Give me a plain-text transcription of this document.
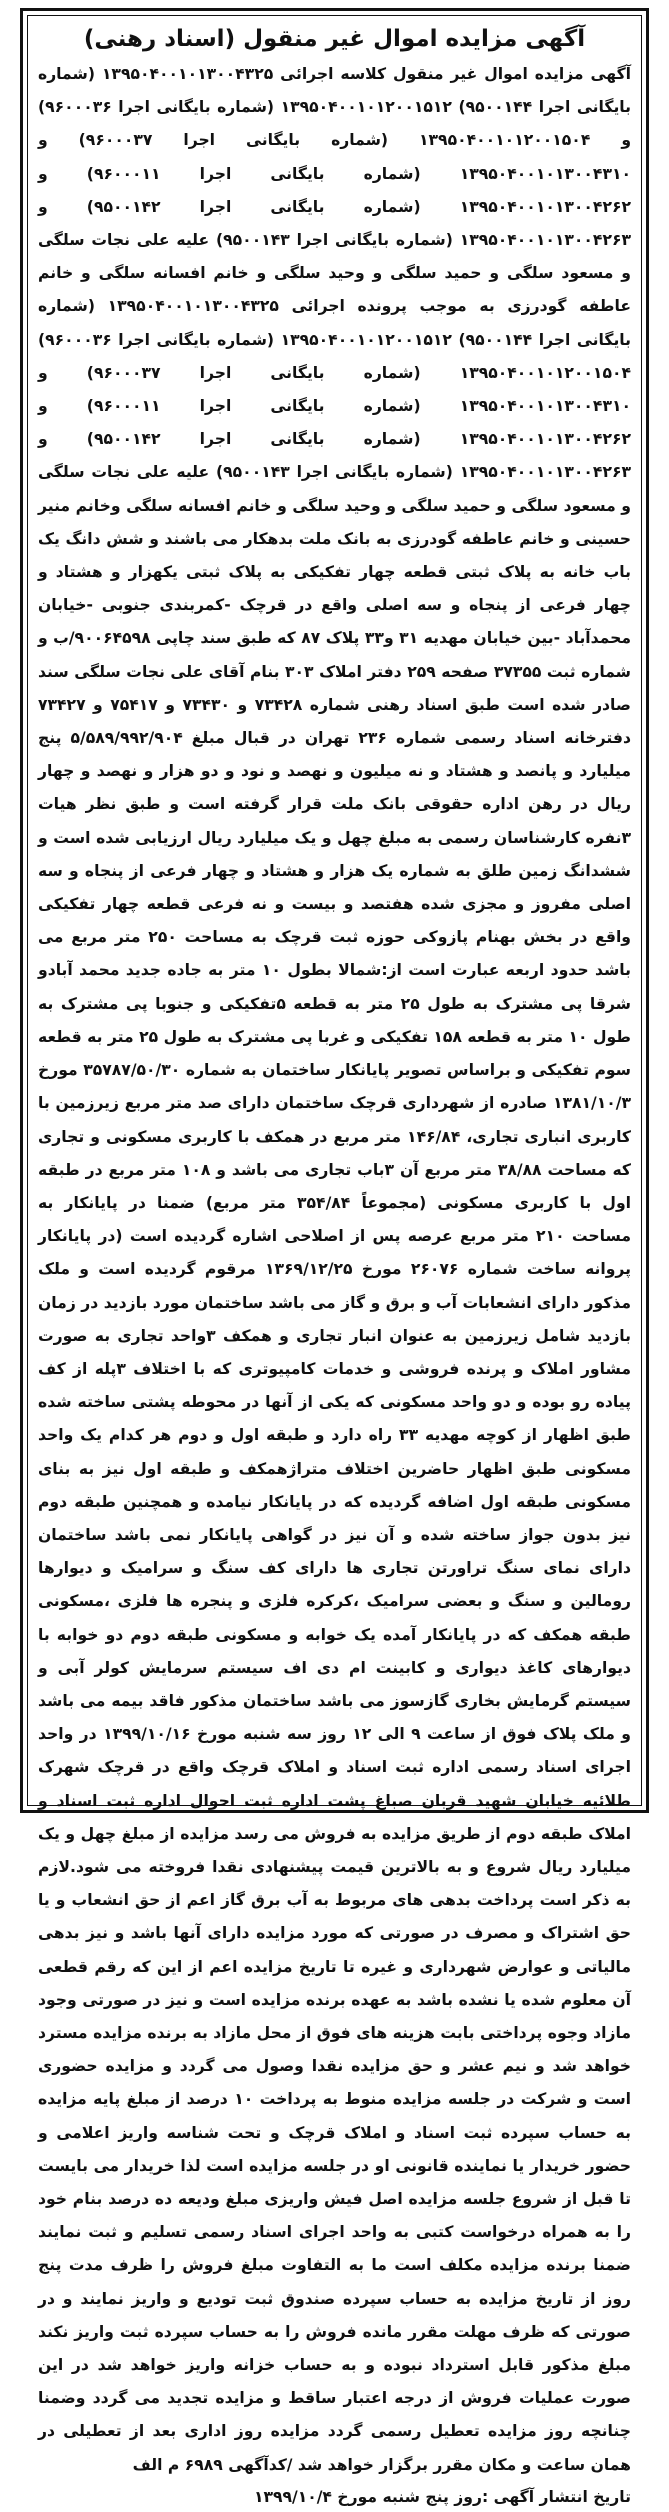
آگهی مزایده اموال غیر منقول (اسناد رهنی)
آگهی مزایده اموال غیر منقول کلاسه اجرائی ۱۳۹۵۰۴۰۰۱۰۱۳۰۰۴۳۲۵ (شماره بایگانی اجرا ۹۵۰۰۱۴۴) ۱۳۹۵۰۴۰۰۱۰۱۲۰۰۱۵۱۲ (شماره بایگانی اجرا ۹۶۰۰۰۳۶) و ۱۳۹۵۰۴۰۰۱۰۱۲۰۰۱۵۰۴ (شماره بایگانی اجرا ۹۶۰۰۰۳۷) و ۱۳۹۵۰۴۰۰۱۰۱۳۰۰۴۳۱۰ (شماره بایگانی اجرا ۹۶۰۰۰۱۱) و ۱۳۹۵۰۴۰۰۱۰۱۳۰۰۴۲۶۲ (شماره بایگانی اجرا ۹۵۰۰۱۴۲) و ۱۳۹۵۰۴۰۰۱۰۱۳۰۰۴۲۶۳ (شماره بایگانی اجرا ۹۵۰۰۱۴۳) علیه علی نجات سلگی و مسعود سلگی و حمید سلگی و وحید سلگی و خانم افسانه سلگی و خانم عاطفه گودرزی به موجب پرونده اجرائی ۱۳۹۵۰۴۰۰۱۰۱۳۰۰۴۳۲۵ (شماره بایگانی اجرا ۹۵۰۰۱۴۴) ۱۳۹۵۰۴۰۰۱۰۱۲۰۰۱۵۱۲ (شماره بایگانی اجرا ۹۶۰۰۰۳۶) ۱۳۹۵۰۴۰۰۱۰۱۲۰۰۱۵۰۴ (شماره بایگانی اجرا ۹۶۰۰۰۳۷) و ۱۳۹۵۰۴۰۰۱۰۱۳۰۰۴۳۱۰ (شماره بایگانی اجرا ۹۶۰۰۰۱۱) و ۱۳۹۵۰۴۰۰۱۰۱۳۰۰۴۲۶۲ (شماره بایگانی اجرا ۹۵۰۰۱۴۲) و ۱۳۹۵۰۴۰۰۱۰۱۳۰۰۴۲۶۳ (شماره بایگانی اجرا ۹۵۰۰۱۴۳) علیه علی نجات سلگی و مسعود سلگی و حمید سلگی و وحید سلگی و خانم افسانه سلگی وخانم منیر حسینی و خانم عاطفه گودرزی به بانک ملت بدهکار می باشند و شش دانگ یک باب خانه به پلاک ثبتی قطعه چهار تفکیکی به پلاک ثبتی یکهزار و هشتاد و چهار فرعی از پنجاه و سه اصلی واقع در قرچک -کمربندی جنوبی -خیابان محمدآباد -بین خیابان مهدیه ۳۱ و۳۳ پلاک ۸۷ که طبق سند چاپی ۹۰۰۶۴۵۹۸/ب و شماره ثبت ۳۷۳۵۵ صفحه ۲۵۹ دفتر املاک ۳۰۳ بنام آقای علی نجات سلگی سند صادر شده است طبق اسناد رهنی شماره ۷۳۴۲۸ و ۷۳۴۳۰ و ۷۵۴۱۷ و ۷۳۴۲۷ دفترخانه اسناد رسمی شماره ۲۳۶ تهران در قبال مبلغ ۵/۵۸۹/۹۹۲/۹۰۴ پنج میلیارد و پانصد و هشتاد و نه میلیون و نهصد و نود و دو هزار و نهصد و چهار ریال در رهن اداره حقوقی بانک ملت قرار گرفته است و طبق نظر هیات ۳نفره کارشناسان رسمی به مبلغ چهل و یک میلیارد ریال ارزیابی شده است و ششدانگ زمین طلق به شماره یک هزار و هشتاد و چهار فرعی از پنجاه و سه اصلی مفروز و مجزی شده هفتصد و بیست و نه فرعی قطعه چهار تفکیکی واقع در بخش بهنام پازوکی حوزه ثبت قرچک به مساحت ۲۵۰ متر مربع می باشد حدود اربعه عبارت است از:شمالا بطول ۱۰ متر به جاده جدید محمد آبادو شرقا پی مشترک به طول ۲۵ متر به قطعه ۵تفکیکی و جنوبا پی مشترک به طول ۱۰ متر به قطعه ۱۵۸ تفکیکی و غربا پی مشترک به طول ۲۵ متر به قطعه سوم تفکیکی و براساس تصویر پایانکار ساختمان به شماره ۳۵۷۸۷/۵۰/۳۰ مورخ ۱۳۸۱/۱۰/۳ صادره از شهرداری قرچک ساختمان دارای صد متر مربع زیرزمین با کاربری انباری تجاری، ۱۴۶/۸۴ متر مربع در همکف با کاربری مسکونی و تجاری که مساحت ۳۸/۸۸ متر مربع آن ۳باب تجاری می باشد و ۱۰۸ متر مربع در طبقه اول با کاربری مسکونی (مجموعاً ۳۵۴/۸۴ متر مربع) ضمنا در پایانکار به مساحت ۲۱۰ متر مربع عرصه پس از اصلاحی اشاره گردیده است (در پایانکار پروانه ساخت شماره ۲۶۰۷۶ مورخ ۱۳۶۹/۱۲/۲۵ مرقوم گردیده است و ملک مذکور دارای انشعابات آب و برق و گاز می باشد ساختمان مورد بازدید در زمان بازدید شامل زیرزمین به عنوان انبار تجاری و همکف ۳واحد تجاری به صورت مشاور املاک و پرنده فروشی و خدمات کامپیوتری که با اختلاف ۳پله از کف پیاده رو بوده و دو واحد مسکونی که یکی از آنها در محوطه پشتی ساخته شده طبق اظهار از کوچه مهدیه ۳۳ راه دارد و طبقه اول و دوم هر کدام یک واحد مسکونی طبق اظهار حاضرین اختلاف متراژهمکف و طبقه اول نیز به بنای مسکونی طبقه اول اضافه گردیده که در پایانکار نیامده و همچنین طبقه دوم نیز بدون جواز ساخته شده و آن نیز در گواهی پایانکار نمی باشد ساختمان دارای نمای سنگ تراورتن تجاری ها دارای کف سنگ و سرامیک و دیوارها رومالین و سنگ و بعضی سرامیک ،کرکره فلزی و پنجره ها فلزی ،مسکونی طبقه همکف که در پایانکار آمده یک خوابه و مسکونی طبقه دوم دو خوابه با دیوارهای کاغذ دیواری و کابینت ام دی اف سیستم سرمایش کولر آبی و سیستم گرمایش بخاری گازسوز می باشد ساختمان مذکور فاقد بیمه می باشد و ملک پلاک فوق از ساعت ۹ الی ۱۲ روز سه شنبه مورخ ۱۳۹۹/۱۰/۱۶ در واحد اجرای اسناد رسمی اداره ثبت اسناد و املاک قرچک واقع در قرچک شهرک طلائیه خیابان شهید قربان صباغ پشت اداره ثبت احوال اداره ثبت اسناد و املاک طبقه دوم از طریق مزایده به فروش می رسد مزایده از مبلغ چهل و یک میلیارد ریال شروع و به بالاترین قیمت پیشنهادی نقدا فروخته می شود.لازم به ذکر است پرداخت بدهی های مربوط به آب برق گاز اعم از حق انشعاب و یا حق اشتراک و مصرف در صورتی که مورد مزایده دارای آنها باشد و نیز بدهی مالیاتی و عوارض شهرداری و غیره تا تاریخ مزایده اعم از این که رقم قطعی آن معلوم شده یا نشده باشد به عهده برنده مزایده است و نیز در صورتی وجود مازاد وجوه پرداختی بابت هزینه های فوق از محل مازاد به برنده مزایده مسترد خواهد شد و نیم عشر و حق مزایده نقدا وصول می گردد و مزایده حضوری است و شرکت در جلسه مزایده منوط به پرداخت ۱۰ درصد از مبلغ پایه مزایده به حساب سپرده ثبت اسناد و املاک قرچک و تحت شناسه واریز اعلامی و حضور خریدار یا نماینده قانونی او در جلسه مزایده است لذا خریدار می بایست تا قبل از شروع جلسه مزایده اصل فیش واریزی مبلغ ودیعه ده درصد بنام خود را به همراه درخواست کتبی به واحد اجرای اسناد رسمی تسلیم و ثبت نمایند ضمنا برنده مزایده مکلف است ما به التفاوت مبلغ فروش را ظرف مدت پنج روز از تاریخ مزایده به حساب سپرده صندوق ثبت تودیع و واریز نمایند و در صورتی که ظرف مهلت مقرر مانده فروش را به حساب سپرده ثبت واریز نکند مبلغ مذکور قابل استرداد نبوده و به حساب خزانه واریز خواهد شد در این صورت عملیات فروش از درجه اعتبار ساقط و مزایده تجدید می گردد وضمنا چنانچه روز مزایده تعطیل رسمی گردد مزایده روز اداری بعد از تعطیلی در همان ساعت و مکان مقرر برگزار خواهد شد /کدآگهی ۶۹۸۹ م الف
تاریخ انتشار آگهی :روز پنج شنبه مورخ ۱۳۹۹/۱۰/۴
